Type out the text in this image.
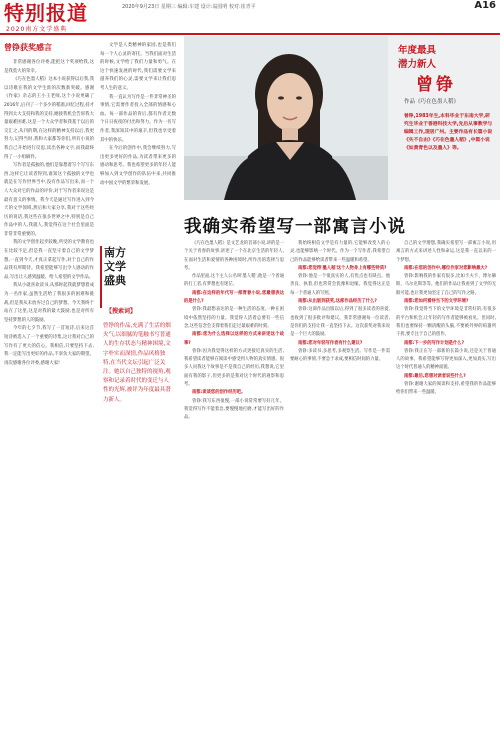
特别报道
2020南方文学盛典
2020年9月23日 星期三 编辑:车建 设计:翁国明 校对:崔青平	A16
曾铮获奖感言

非常感谢各位评委,能把这个奖项给我,这是我莫大的荣幸。

《巧在色墨人稻》这本小说获得以后我,我以诗歌在我的文学生涯的次数新突破。感谢《作家》杂志的王小王老师,这个小说更确了2016年,后刊了一个多少的稻谱,回忆过程,持才得到太大支持和我的支持,她接我机会告诉我大量艰难困难,这是一个大众学者和我基于以后的交汇之,从刊的期,在这样的精神支持以后,我更努力,记得当时,我和大家都等你们,所有小说的我自己开始进行反思,读出各种文字,而我最终得了一小组稿件。

写作者是孤独的,他们是靠想着写个写写东西,这样它让读者得到,谁知这个孤独的文学也就是在写作世界当中,没有作品写出来,而一个人大众对它的作品的评价,对于写作者来说这是最有意义的事情。我今天是通过写作进入到今天的文学领域,然后和大家分享,我对于这些经历的说话,我这些在很多世界之中,特别是自己作品中的人,我就人,我觉得在这个社会里面是非常非常重要的。

我的文学创作起步较晚,所受的文学教育也在比较不足,但是我一直坚守着自己的文学梦想,一直到今天,才真正拿起写作,对于自己的作品我有所期待。我希望能够写出令人感动的作品,写出让人感到温暖、给人希望的文学作品。

我从小就喜欢读书,从那时起我就梦想着成为一名作家,虽然生活给了我很多的困难和挑战,但是我从未放弃过自己的梦想。今天我终于站在了这里,这是对我的最大鼓励,也是对所有坚持梦想的人的鼓励。

今年的七夕节,我写了一首短诗,后来这首短诗被选入了一个重要的诗集,这让我对自己的写作有了更大的信心。我相信,只要坚持下去,我一定能写出更好的作品,不辜负大家的期望。再次感谢各位评委,感谢大家!

文学是人类精神的家园,也是我们每一个人心灵的寄托。当我们面对生活的时候,文学给了我们力量和勇气。在这个快速发展的时代,我们需要文学来滋养我们的心灵,需要文学来让我们思考人生的意义。

我一直认为写作是一件非常神圣的事情,它需要作者投入全部的情感和心血。每一部作品的背后,都有作者无数个日日夜夜的付出和努力。作为一名写作者,我深知其中的艰辛,但我也享受着其中的快乐。

在今后的创作中,我会继续努力,写出更多更好的作品,为读者带来更多的感动和思考。我也希望更多的年轻人能够加入到文学创作的队伍中来,共同推动中国文学的繁荣和发展。

年度最具
潜力新人
曾铮
作品《巧在色墨人稻》
曾铮,1983年生,本科毕业于东南大学,研究生毕业于香港科技大学,先后从事教学与编辑工作,现居广州。主要作品有长篇小说《失不自由》《巧在色墨人稻》,中篇小说《如黄青色以及墨人》等。
我确实希望写一部寓言小说
南方文学盛典
【搜索词】
曾铮的作品,充满了生活的烟火气,以细腻的笔触书写普通人的生存状态与精神困境,文字朴实而深情,作品风格独特,在当代文坛引起广泛关注。她以自己独特的视角,观察和记录着时代的变迁与人性的光辉,被评为年度最具潜力新人。

《巧在色墨人稻》是文艺龙的首部小说,讲的是一个关于青春的故事,讲述了一个在北京生活的年轻人,在面对生活和爱情的各种困境时,所作出的选择与思考。

作品里面,这个主人公名叫'墨人稻',他是一个普通的打工者,有梦想也有迷茫。

南都:在这样的年代写一部青春小说,您最想表达的是什么?

曾铮:我最想表达的是一种生活的态度,一种在困境中依然坚持的力量。我觉得人活着总要有一些信念,这些信念会支撑着我们走过最艰难的时刻。

南都:您为什么选择以这样的方式来讲述这个故事?

曾铮:因为我觉得这样的方式更接近真实的生活,我希望读者能够在阅读中感受到人物的真实情感。很多人问我这个故事是不是我自己的经历,我想说,它里面有我的影子,但更多的是我对这个时代的观察和思考。

南都:谈谈您的创作经历吧。

曾铮:我写东西很慢,一部小说常常要写好几年。我觉得写作不能着急,要慢慢地打磨,才能写出好的作品。

我始终相信文学是有力量的,它能够改变人的心灵,也能够影响一个时代。作为一个写作者,我希望自己的作品能够给读者带来一些温暖和希望。

南都:您觉得'墨人稻'这个人物身上有哪些特质?

曾铮:他是一个很真实的人,有优点也有缺点。他善良、执着,但也常常会犹豫和退缩。我觉得这正是每一个普通人的写照。

南都:从出版到获奖,这部作品经历了什么?

曾铮:这部作品出版以后,得到了很多读者的喜爱,也收到了很多批评和建议。我非常感谢每一位读者,是你们的支持让我一直坚持下去。这次获奖对我来说是一个巨大的鼓励。

南都:您对年轻写作者有什么建议?

曾铮:多读书,多思考,多观察生活。写作是一件需要耐心的事情,不要急于求成,要相信时间的力量。

自己的文学理想,我确实希望写一部寓言小说,用寓言的方式来讲述人性和命运,这是我一直以来的一个梦想。

南都:在您的创作中,哪位作家对您影响最大?

曾铮:影响我的作家有很多,比如卡夫卡、博尔赫斯、马尔克斯等等。他们的作品让我看到了文学的无限可能,也让我更加坚定了自己的写作之路。

南都:您如何看待当下的文学环境?

曾铮:我觉得当下的文学环境是非常好的,有很多的平台和机会,让年轻的写作者能够被看见。但同时,我们也要保持一颗清醒的头脑,不要被外界的喧嚣所干扰,要专注于自己的创作。

南都:下一步的写作计划是什么?

曾铮:我正在写一部新的长篇小说,还是关于普通人的故事。我希望能够写得更加深入,更加真实,写出这个时代普通人的精神面貌。

南都:最后,您想对读者说些什么?

曾铮:谢谢大家的阅读和支持,希望我的作品能够给你们带来一些温暖。
